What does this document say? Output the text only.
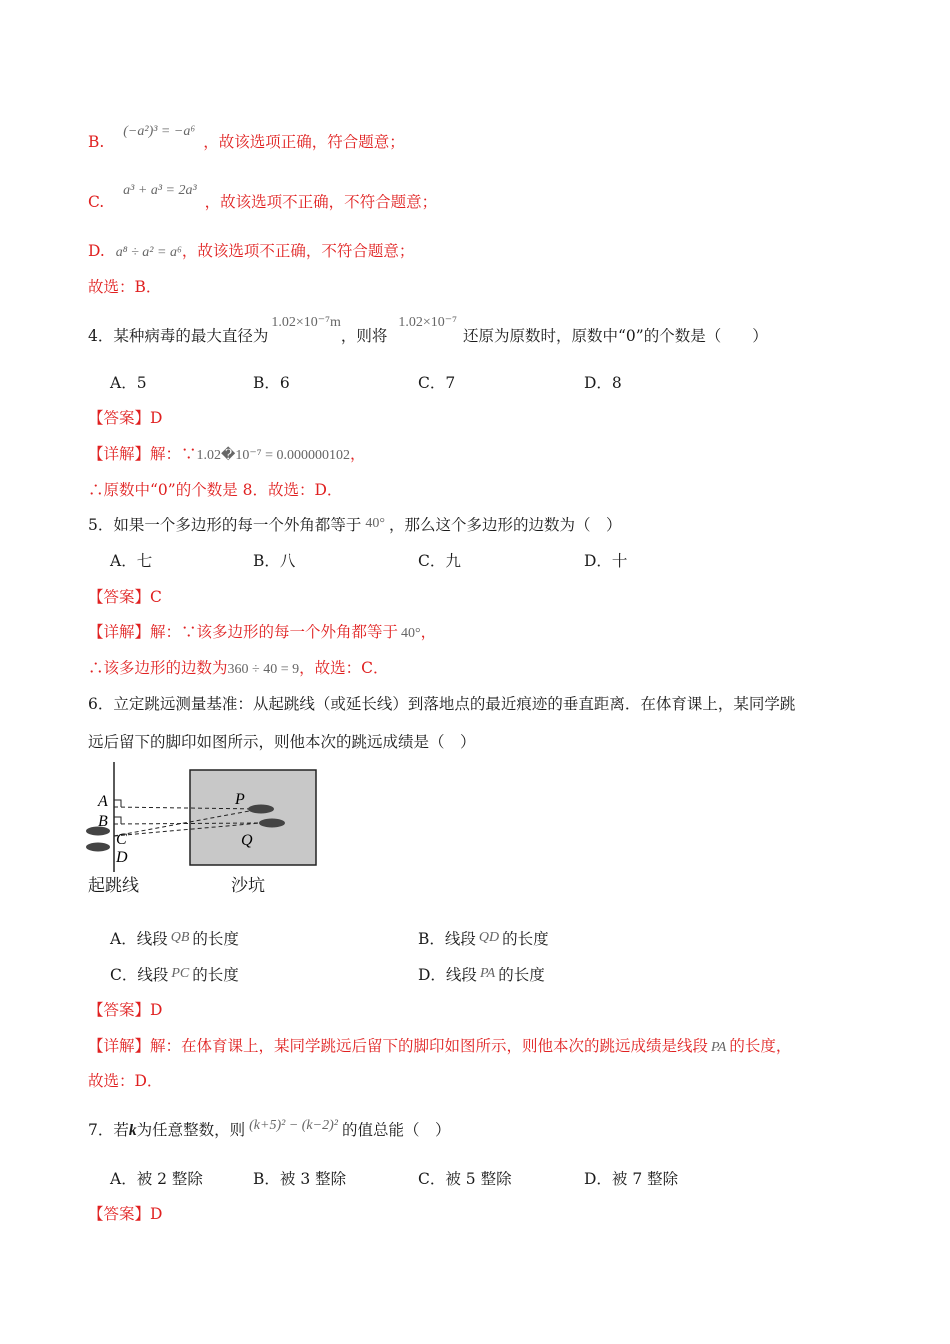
B. (−a²)³ = −a⁶，故该选项正确，符合题意；
C. a³ + a³ = 2a³，故该选项不正确，不符合题意；
D. a⁸ ÷ a² = a⁶，故该选项不正确，不符合题意；
故选：B．
4．某种病毒的最大直径为 1.02×10⁻⁷m，则将 1.02×10⁻⁷还原为原数时，原数中“0”的个数是（　　）
A．5	B．6	C．7	D．8
【答案】D
【详解】解：∵1.02�10⁻⁷ = 0.000000102，
∴原数中“0”的个数是 8．故选：D．
5．如果一个多边形的每一个外角都等于 40° ，那么这个多边形的边数为（　）
A．七	B．八	C．九	D．十
【答案】C
【详解】解：∵该多边形的每一个外角都等于 40°，
∴该多边形的边数为360 ÷ 40 = 9，故选：C．
6．立定跳远测量基准：从起跳线（或延长线）到落地点的最近痕迹的垂直距离．在体育课上，某同学跳
远后留下的脚印如图所示，则他本次的跳远成绩是（　）
A
B
C
D
P
Q
起跳线	沙坑
A．线段 QB 的长度	B．线段 QD 的长度
C．线段 PC 的长度	D．线段 PA 的长度
【答案】D
【详解】解：在体育课上，某同学跳远后留下的脚印如图所示，则他本次的跳远成绩是线段 PA 的长度，
故选：D．
7．若k为任意整数，则 (k+5)² − (k−2)² 的值总能（　）
A．被 2 整除	B．被 3 整除	C．被 5 整除	D．被 7 整除
【答案】D
